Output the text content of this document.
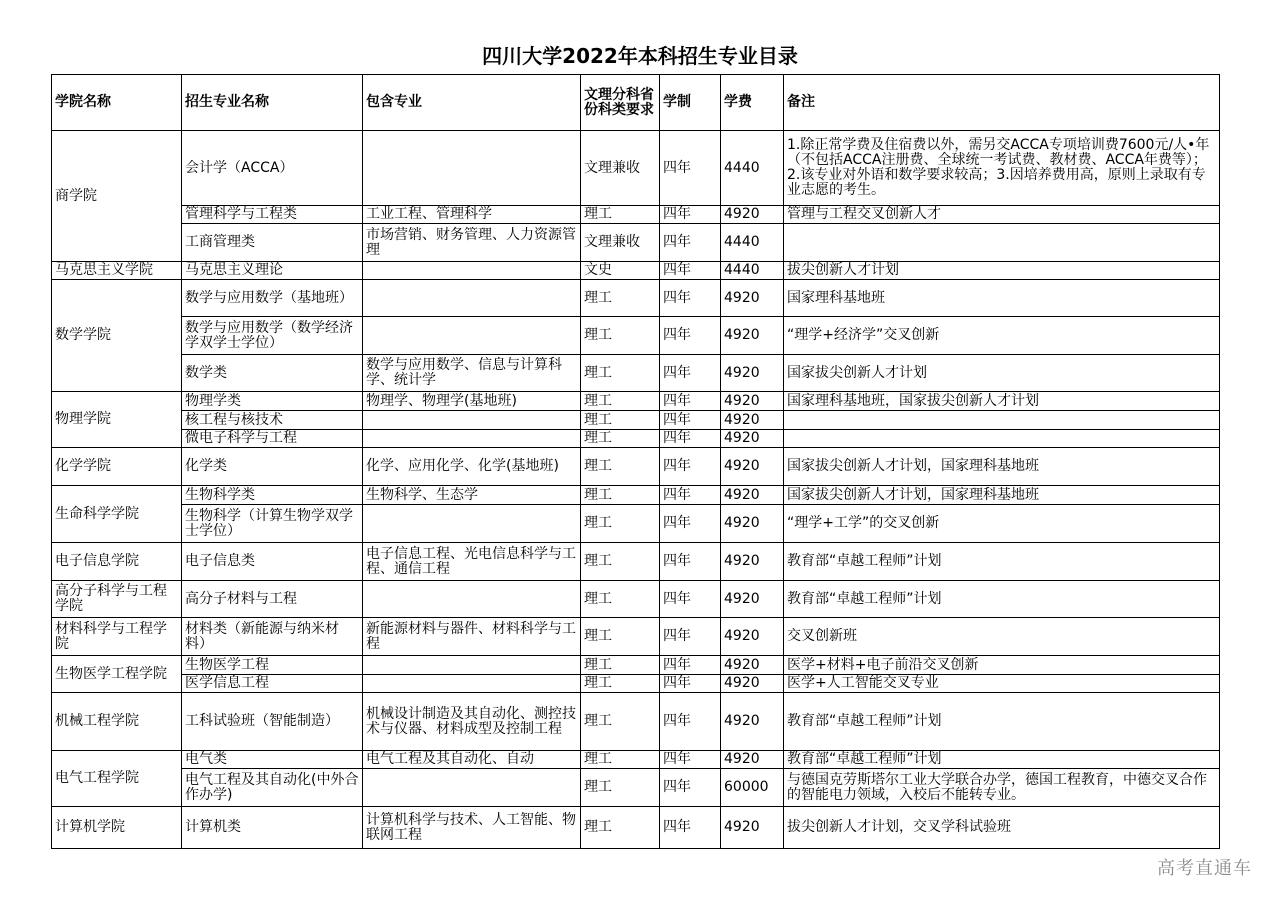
四川大学2022年本科招生专业目录
学院名称	招生专业名称	包含专业	文理分科省份科类要求	学制	学费	备注
商学院	会计学（ACCA）		文理兼收	四年	4440	1.除正常学费及住宿费以外，需另交ACCA专项培训费7600元/人•年（不包括ACCA注册费、全球统一考试费、教材费、ACCA年费等）；2.该专业对外语和数学要求较高；3.因培养费用高，原则上录取有专业志愿的考生。
	管理科学与工程类	工业工程、管理科学	理工	四年	4920	管理与工程交叉创新人才
	工商管理类	市场营销、财务管理、人力资源管理	文理兼收	四年	4440	
马克思主义学院	马克思主义理论		文史	四年	4440	拔尖创新人才计划
数学学院	数学与应用数学（基地班）		理工	四年	4920	国家理科基地班
	数学与应用数学（数学经济学双学士学位）		理工	四年	4920	“理学+经济学”交叉创新
	数学类	数学与应用数学、信息与计算科学、统计学	理工	四年	4920	国家拔尖创新人才计划
物理学院	物理学类	物理学、物理学(基地班)	理工	四年	4920	国家理科基地班，国家拔尖创新人才计划
	核工程与核技术		理工	四年	4920	
	微电子科学与工程		理工	四年	4920	
化学学院	化学类	化学、应用化学、化学(基地班)	理工	四年	4920	国家拔尖创新人才计划，国家理科基地班
生命科学学院	生物科学类	生物科学、生态学	理工	四年	4920	国家拔尖创新人才计划，国家理科基地班
	生物科学（计算生物学双学士学位）		理工	四年	4920	“理学+工学”的交叉创新
电子信息学院	电子信息类	电子信息工程、光电信息科学与工程、通信工程	理工	四年	4920	教育部“卓越工程师”计划
高分子科学与工程学院	高分子材料与工程		理工	四年	4920	教育部“卓越工程师”计划
材料科学与工程学院	材料类（新能源与纳米材料）	新能源材料与器件、材料科学与工程	理工	四年	4920	交叉创新班
生物医学工程学院	生物医学工程		理工	四年	4920	医学+材料+电子前沿交叉创新
	医学信息工程		理工	四年	4920	医学+人工智能交叉专业
机械工程学院	工科试验班（智能制造）	机械设计制造及其自动化、测控技术与仪器、材料成型及控制工程	理工	四年	4920	教育部“卓越工程师”计划
电气工程学院	电气类	电气工程及其自动化、自动	理工	四年	4920	教育部“卓越工程师”计划
	电气工程及其自动化(中外合作办学)		理工	四年	60000	与德国克劳斯塔尔工业大学联合办学，德国工程教育，中德交叉合作的智能电力领域，入校后不能转专业。
计算机学院	计算机类	计算机科学与技术、人工智能、物联网工程	理工	四年	4920	拔尖创新人才计划，交叉学科试验班
高考直通车
